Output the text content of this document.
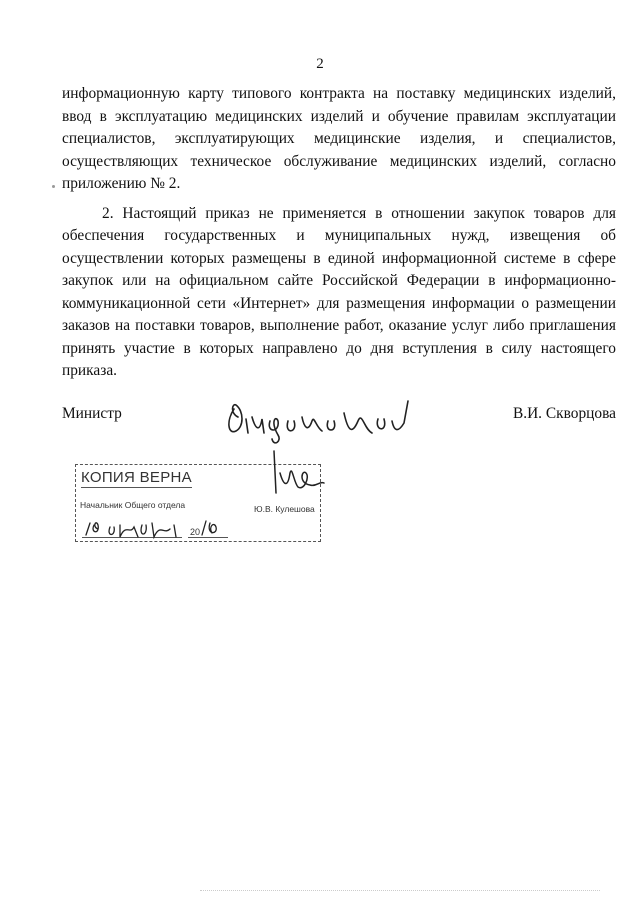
2

информационную карту типового контракта на поставку медицинских изделий, ввод в эксплуатацию медицинских изделий и обучение правилам эксплуатации специалистов, эксплуатирующих медицинские изделия, и специалистов, осуществляющих техническое обслуживание медицинских изделий, согласно приложению № 2.

2. Настоящий приказ не применяется в отношении закупок товаров для обеспечения государственных и муниципальных нужд, извещения об осуществлении которых размещены в единой информационной системе в сфере закупок или на официальном сайте Российской Федерации в информационно-коммуникационной сети «Интернет» для размещения информации о размещении заказов на поставки товаров, выполнение работ, оказание услуг либо приглашения принять участие в которых направлено до дня вступления в силу настоящего приказа.

Министр	В.И. Скворцова
КОПИЯ ВЕРНА
Начальник Общего отдела	Ю.В. Кулешова
20
